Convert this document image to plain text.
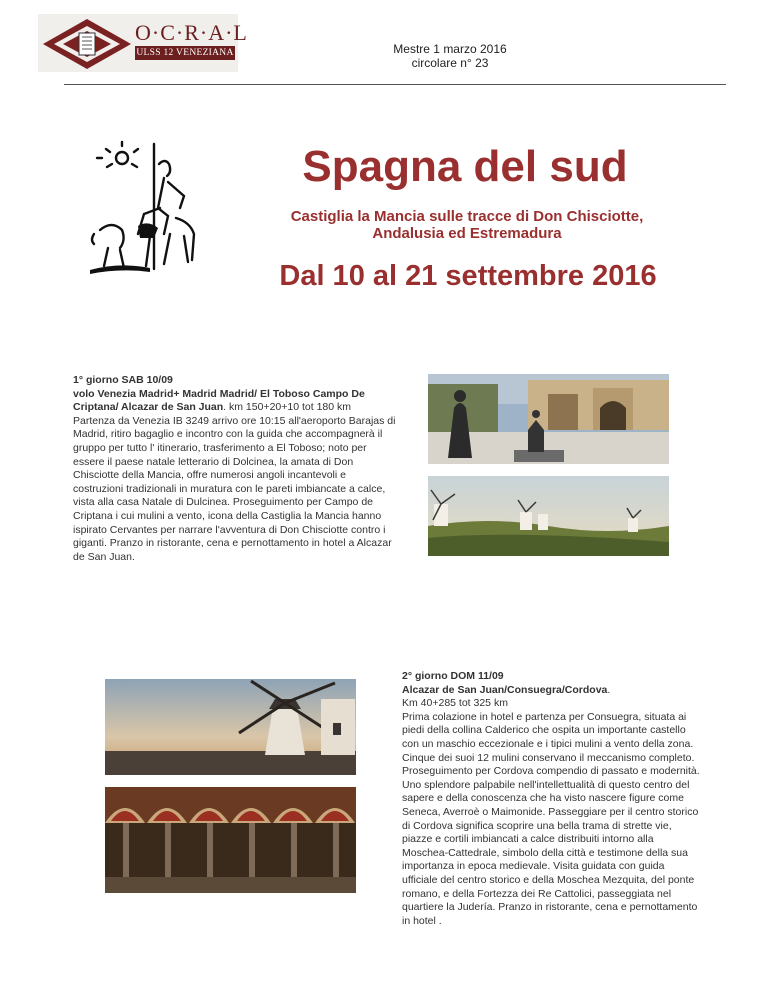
O·C·R·A·L
ULSS 12 VENEZIANA	Mestre 1 marzo 2016
circolare n° 23
Spagna del sud
Castiglia la Mancia sulle tracce di Don Chisciotte, Andalusia ed Estremadura
Dal 10 al 21 settembre 2016

1° giorno SAB 10/09

volo Venezia Madrid+ Madrid Madrid/ El Toboso Campo De Criptana/ Alcazar de San Juan. km 150+20+10 tot 180 km

Partenza da Venezia IB 3249 arrivo ore 10:15 all'aeroporto Barajas di Madrid, ritiro bagaglio e incontro con la guida che accompagnerà il gruppo per tutto l' itinerario, trasferimento a El Toboso; noto per essere il paese natale letterario di Dolcinea, la amata di Don Chisciotte della Mancia, offre numerosi angoli incantevoli e costruzioni tradizionali in muratura con le pareti imbiancate a calce, vista alla casa Natale di Dulcinea. Proseguimento per Campo de Criptana i cui mulini a vento, icona della Castiglia la Mancia hanno ispirato Cervantes per narrare l'avventura di Don Chisciotte contro i giganti. Pranzo in ristorante, cena e pernottamento in hotel a Alcazar de San Juan.

2° giorno DOM 11/09

Alcazar de San Juan/Consuegra/Cordova.

Km 40+285 tot 325 km

Prima colazione in hotel e partenza per Consuegra, situata ai piedi della collina Calderico che ospita un importante castello con un maschio eccezionale e i tipici mulini a vento della zona. Cinque dei suoi 12 mulini conservano il meccanismo completo. Proseguimento per Cordova compendio di passato e modernità. Uno splendore palpabile nell'intellettualità di questo centro del sapere e della conoscenza che ha visto nascere figure come Seneca, Averroè o Maimonide. Passeggiare per il centro storico di Cordova significa scoprire una bella trama di strette vie, piazze e cortili imbiancati a calce distribuiti intorno alla Moschea-Cattedrale, simbolo della città e testimone della sua importanza in epoca medievale. Visita guidata con guida ufficiale del centro storico e della Moschea Mezquita, del ponte romano, e della Fortezza dei Re Cattolici, passeggiata nel quartiere la Judería. Pranzo in ristorante, cena e pernottamento in hotel .
